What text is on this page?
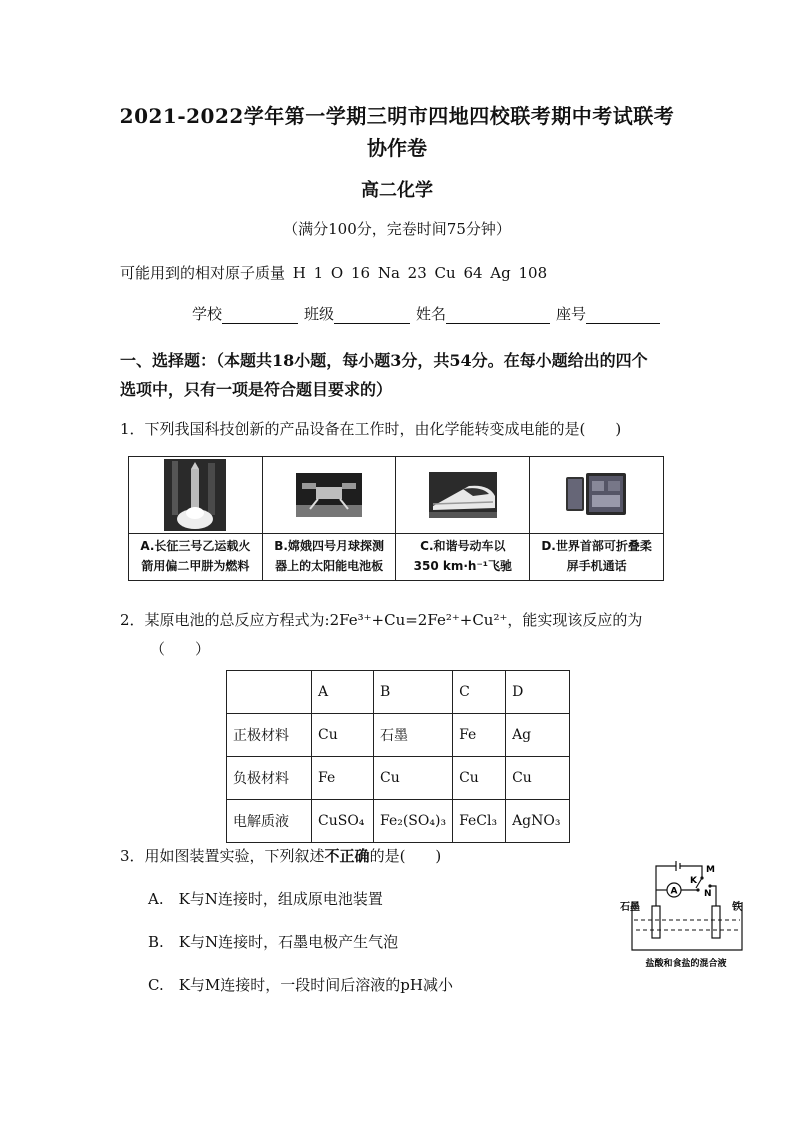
2021-2022学年第一学期三明市四地四校联考期中考试联考
协作卷
高二化学
（满分100分，完卷时间75分钟）
可能用到的相对原子质量 H 1 O 16 Na 23 Cu 64 Ag 108
学校	班级	姓名	座号
一、选择题：（本题共18小题，每小题3分，共54分。在每小题给出的四个
选项中，只有一项是符合题目要求的）
1．下列我国科技创新的产品设备在工作时，由化学能转变成电能的是(　　)
A.长征三号乙运载火
箭用偏二甲肼为燃料

B.嫦娥四号月球探测
器上的太阳能电池板

C.和谐号动车以
350 km·h⁻¹飞驰

D.世界首部可折叠柔
屏手机通话
2．某原电池的总反应方程式为:2Fe³⁺+Cu=2Fe²⁺+Cu²⁺，能实现该反应的为
（　　）
	A	B	C	D
正极材料	Cu	石墨	Fe	Ag
负极材料	Fe	Cu	Cu	Cu
电解质液	CuSO₄	Fe₂(SO₄)₃	FeCl₃	AgNO₃
3．用如图装置实验，下列叙述不正确的是(　　)
A.　K与N连接时，组成原电池装置
B.　K与N连接时，石墨电极产生气泡
C.　K与M连接时，一段时间后溶液的pH减小
A
M
K
N
石墨	铁
盐酸和食盐的混合液
